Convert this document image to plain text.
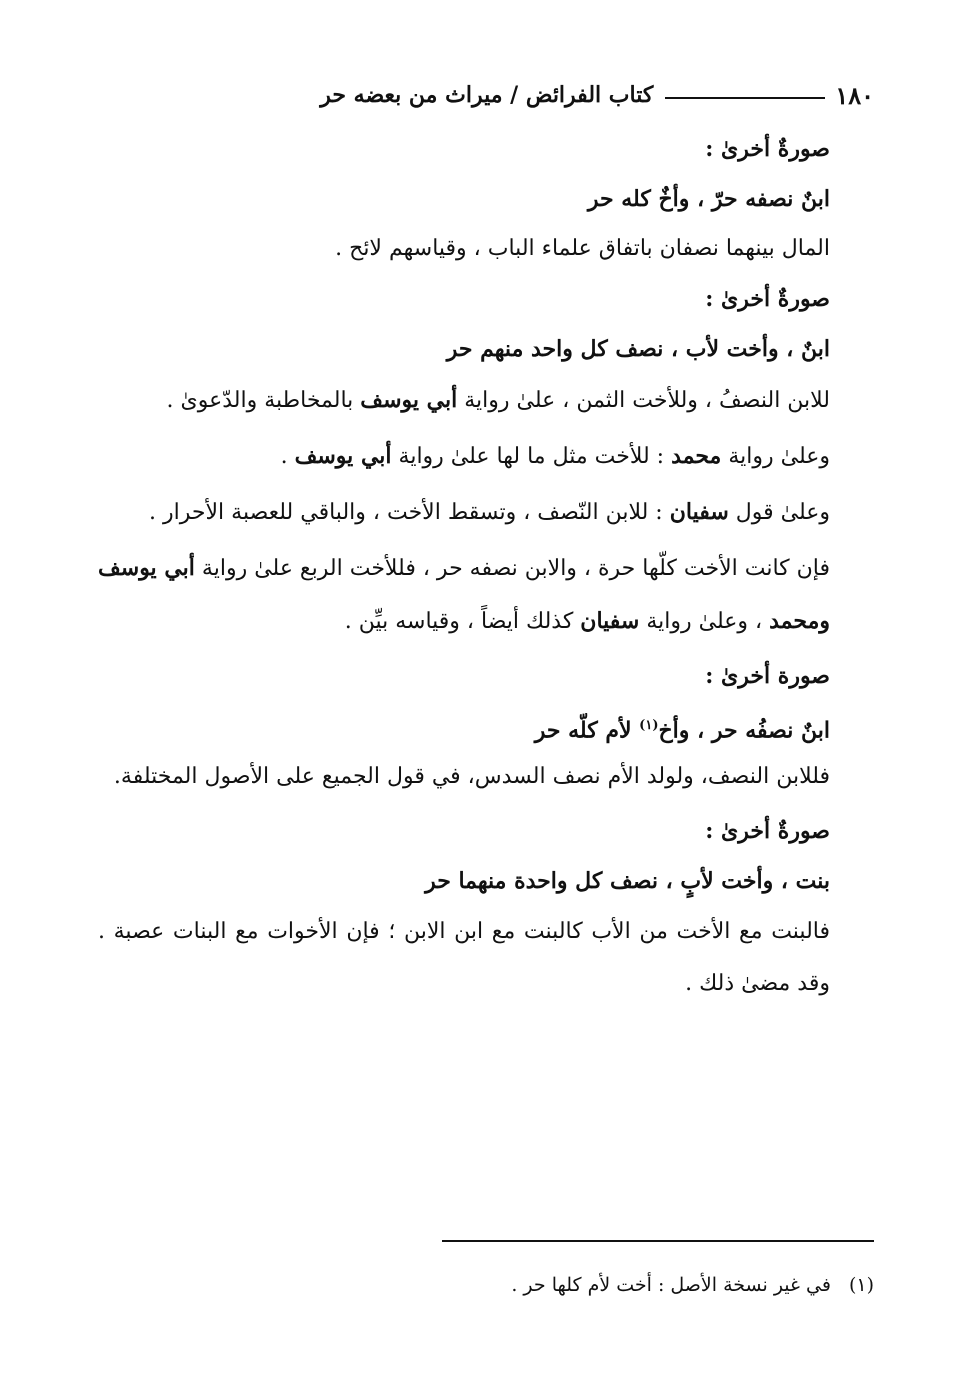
١٨٠
كتاب الفرائض / ميراث من بعضه حر
صورةٌ أخرىٰ :
ابنٌ نصفه حرّ ، وأخٌ كله حر
المال بينهما نصفان باتفاق علماء الباب ، وقياسهم لائح .
صورةٌ أخرىٰ :
ابنٌ ، وأخت لأب ، نصف كل واحد منهم حر

للابن النصفُ ، وللأخت الثمن ، علىٰ رواية أبي يوسف بالمخاطبة والدّعوىٰ .

وعلىٰ رواية محمد : للأخت مثل ما لها علىٰ رواية أبي يوسف .

وعلىٰ قول سفيان : للابن النّصف ، وتسقط الأخت ، والباقي للعصبة الأحرار .

فإن كانت الأخت كلّها حرة ، والابن نصفه حر ، فللأخت الربع علىٰ رواية أبي يوسف ومحمد ، وعلىٰ رواية سفيان كذلك أيضاً ، وقياسه بيِّن .

صورة أخرىٰ :
ابنٌ نصفُه حر ، وأخ$^{(١)}$ لأم كلّه حر

فللابن النصف، ولولد الأم نصف السدس، في قول الجميع على الأصول المختلفة.

صورةٌ أخرىٰ :
بنت ، وأخت لأبٍ ، نصف كل واحدة منهما حر

فالبنت مع الأخت من الأب كالبنت مع ابن الابن ؛ فإن الأخوات مع البنات عصبة . وقد مضىٰ ذلك .

(١)في غير نسخة الأصل : أخت لأم كلها حر .
